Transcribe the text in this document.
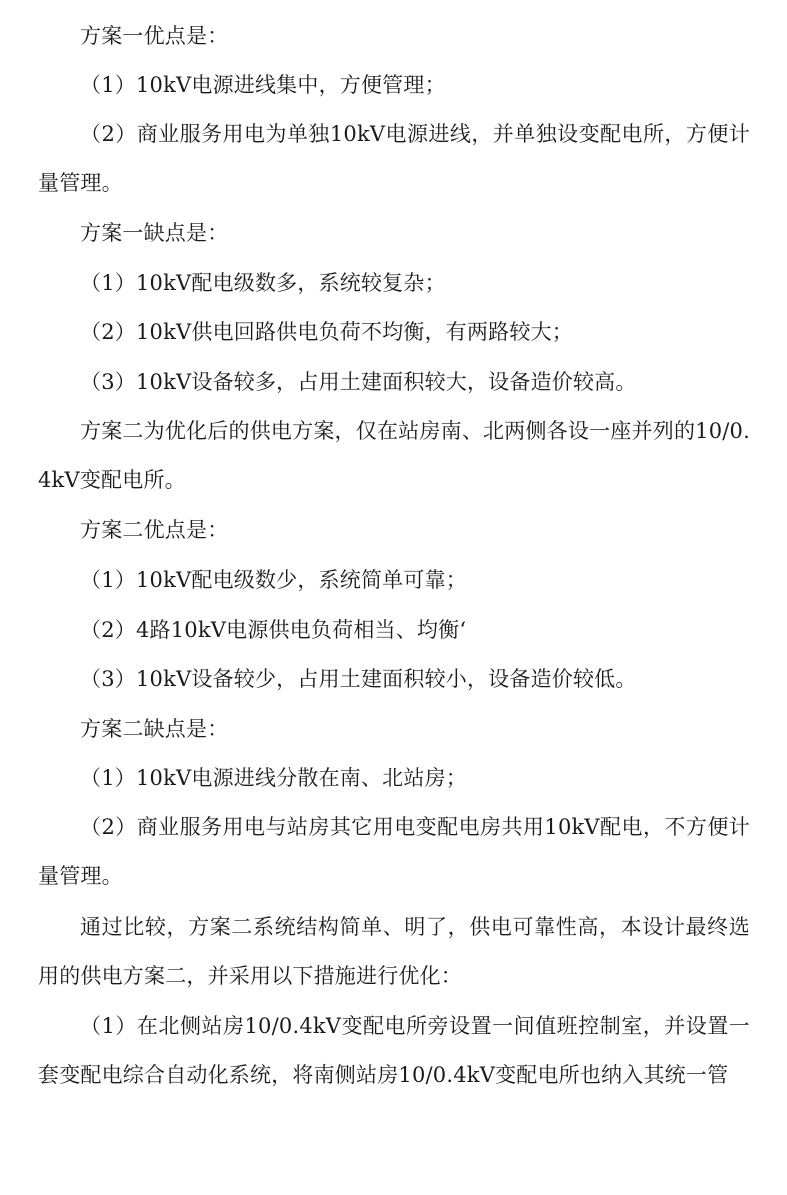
方案一优点是：

（1）10kV电源进线集中，方便管理；

（2）商业服务用电为单独10kV电源进线，并单独设变配电所，方便计量管理。

方案一缺点是：

（1）10kV配电级数多，系统较复杂；

（2）10kV供电回路供电负荷不均衡，有两路较大；

（3）10kV设备较多，占用土建面积较大，设备造价较高。

方案二为优化后的供电方案，仅在站房南、北两侧各设一座并列的10/0.4kV变配电所。

方案二优点是：

（1）10kV配电级数少，系统简单可靠；

（2）4路10kV电源供电负荷相当、均衡‘

（3）10kV设备较少，占用土建面积较小，设备造价较低。

方案二缺点是：

（1）10kV电源进线分散在南、北站房；

（2）商业服务用电与站房其它用电变配电房共用10kV配电，不方便计量管理。

通过比较，方案二系统结构简单、明了，供电可靠性高，本设计最终选用的供电方案二，并采用以下措施进行优化：

（1）在北侧站房10/0.4kV变配电所旁设置一间值班控制室，并设置一套变配电综合自动化系统，将南侧站房10/0.4kV变配电所也纳入其统一管
